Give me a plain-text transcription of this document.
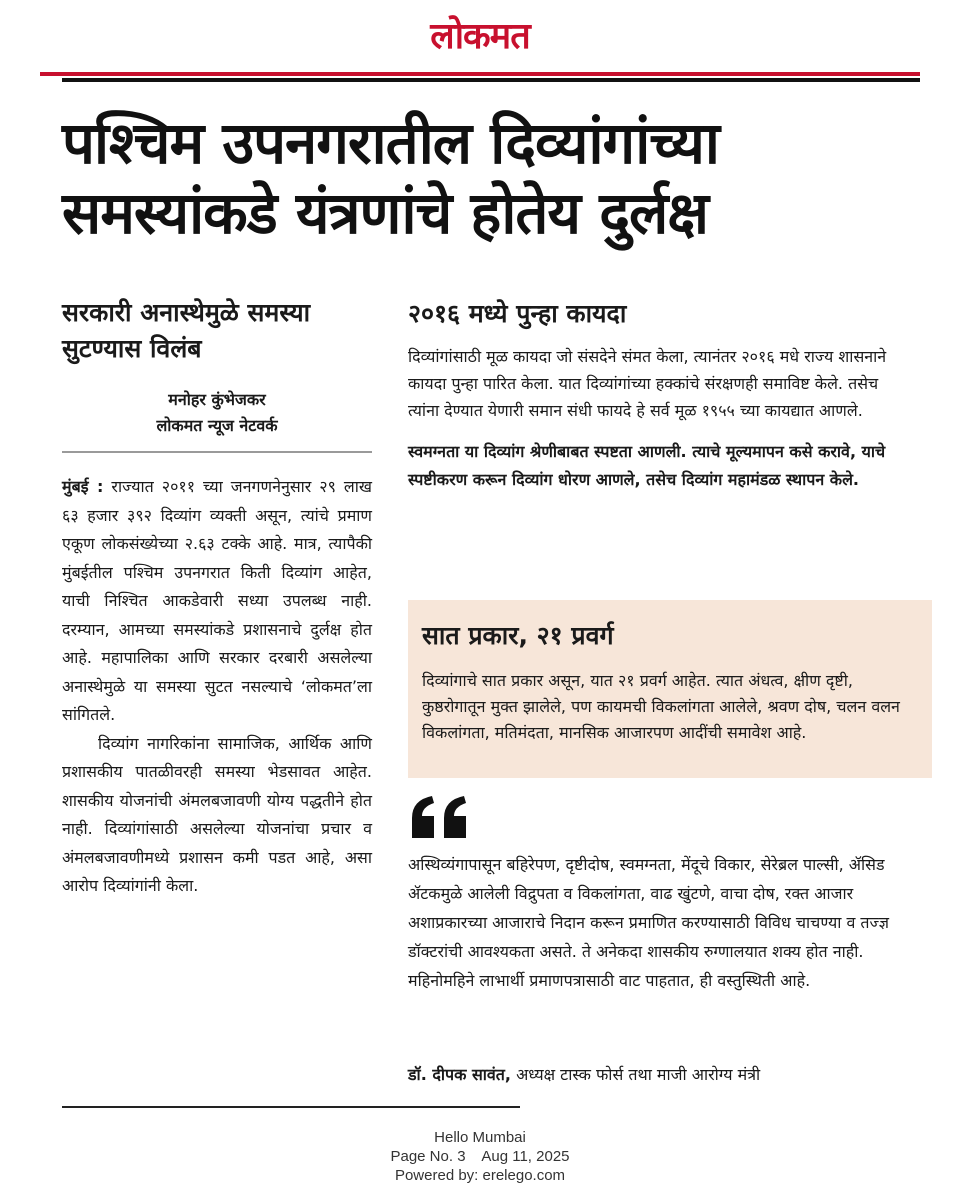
लोकमत
पश्चिम उपनगरातील दिव्यांगांच्या समस्यांकडे यंत्रणांचे होतेय दुर्लक्ष
सरकारी अनास्थेमुळे समस्या सुटण्यास विलंब
मनोहर कुंभेजकर
लोकमत न्यूज नेटवर्क

मुंबई : राज्यात २०११ च्या जनगणनेनुसार २९ लाख ६३ हजार ३९२ दिव्यांग व्यक्ती असून, त्यांचे प्रमाण एकूण लोकसंख्येच्या २.६३ टक्के आहे. मात्र, त्यापैकी मुंबईतील पश्चिम उपनगरात किती दिव्यांग आहेत, याची निश्चित आकडेवारी सध्या उपलब्ध नाही. दरम्यान, आमच्या समस्यांकडे प्रशासनाचे दुर्लक्ष होत आहे. महापालिका आणि सरकार दरबारी असलेल्या अनास्थेमुळे या समस्या सुटत नसल्याचे ‘लोकमत’ला सांगितले.

दिव्यांग नागरिकांना सामाजिक, आर्थिक आणि प्रशासकीय पातळीवरही समस्या भेडसावत आहेत. शासकीय योजनांची अंमलबजावणी योग्य पद्धतीने होत नाही. दिव्यांगांसाठी असलेल्या योजनांचा प्रचार व अंमलबजावणीमध्ये प्रशासन कमी पडत आहे, असा आरोप दिव्यांगांनी केला.

२०१६ मध्ये पुन्हा कायदा

दिव्यांगांसाठी मूळ कायदा जो संसदेने संमत केला, त्यानंतर २०१६ मधे राज्य शासनाने कायदा पुन्हा पारित केला. यात दिव्यांगांच्या हक्कांचे संरक्षणही समाविष्ट केले. तसेच त्यांना देण्यात येणारी समान संधी फायदे हे सर्व मूळ १९५५ च्या कायद्यात आणले.

स्वमग्नता या दिव्यांग श्रेणीबाबत स्पष्टता आणली. त्याचे मूल्यमापन कसे करावे, याचे स्पष्टीकरण करून दिव्यांग धोरण आणले, तसेच दिव्यांग महामंडळ स्थापन केले.

सात प्रकार, २१ प्रवर्ग

दिव्यांगाचे सात प्रकार असून, यात २१ प्रवर्ग आहेत. त्यात अंधत्व, क्षीण दृष्टी, कुष्ठरोगातून मुक्त झालेले, पण कायमची विकलांगता आलेले, श्रवण दोष, चलन वलन विकलांगता, मतिमंदता, मानसिक आजारपण आदींची समावेश आहे.

अस्थिव्यंगापासून बहिरेपण, दृष्टीदोष, स्वमग्नता, मेंदूचे विकार, सेरेब्रल पाल्सी, ॲसिड ॲटकमुळे आलेली विद्रुपता व विकलांगता, वाढ खुंटणे, वाचा दोष, रक्त आजार अशाप्रकारच्या आजाराचे निदान करून प्रमाणित करण्यासाठी विविध चाचण्या व तज्ज्ञ डॉक्टरांची आवश्यकता असते. ते अनेकदा शासकीय रुग्णालयात शक्य होत नाही. महिनोमहिने लाभार्थी प्रमाणपत्रासाठी वाट पाहतात, ही वस्तुस्थिती आहे.

डॉ. दीपक सावंत, अध्यक्ष टास्क फोर्स तथा माजी आरोग्य मंत्री

Hello Mumbai
Page No. 3    Aug 11, 2025
Powered by: erelego.com
